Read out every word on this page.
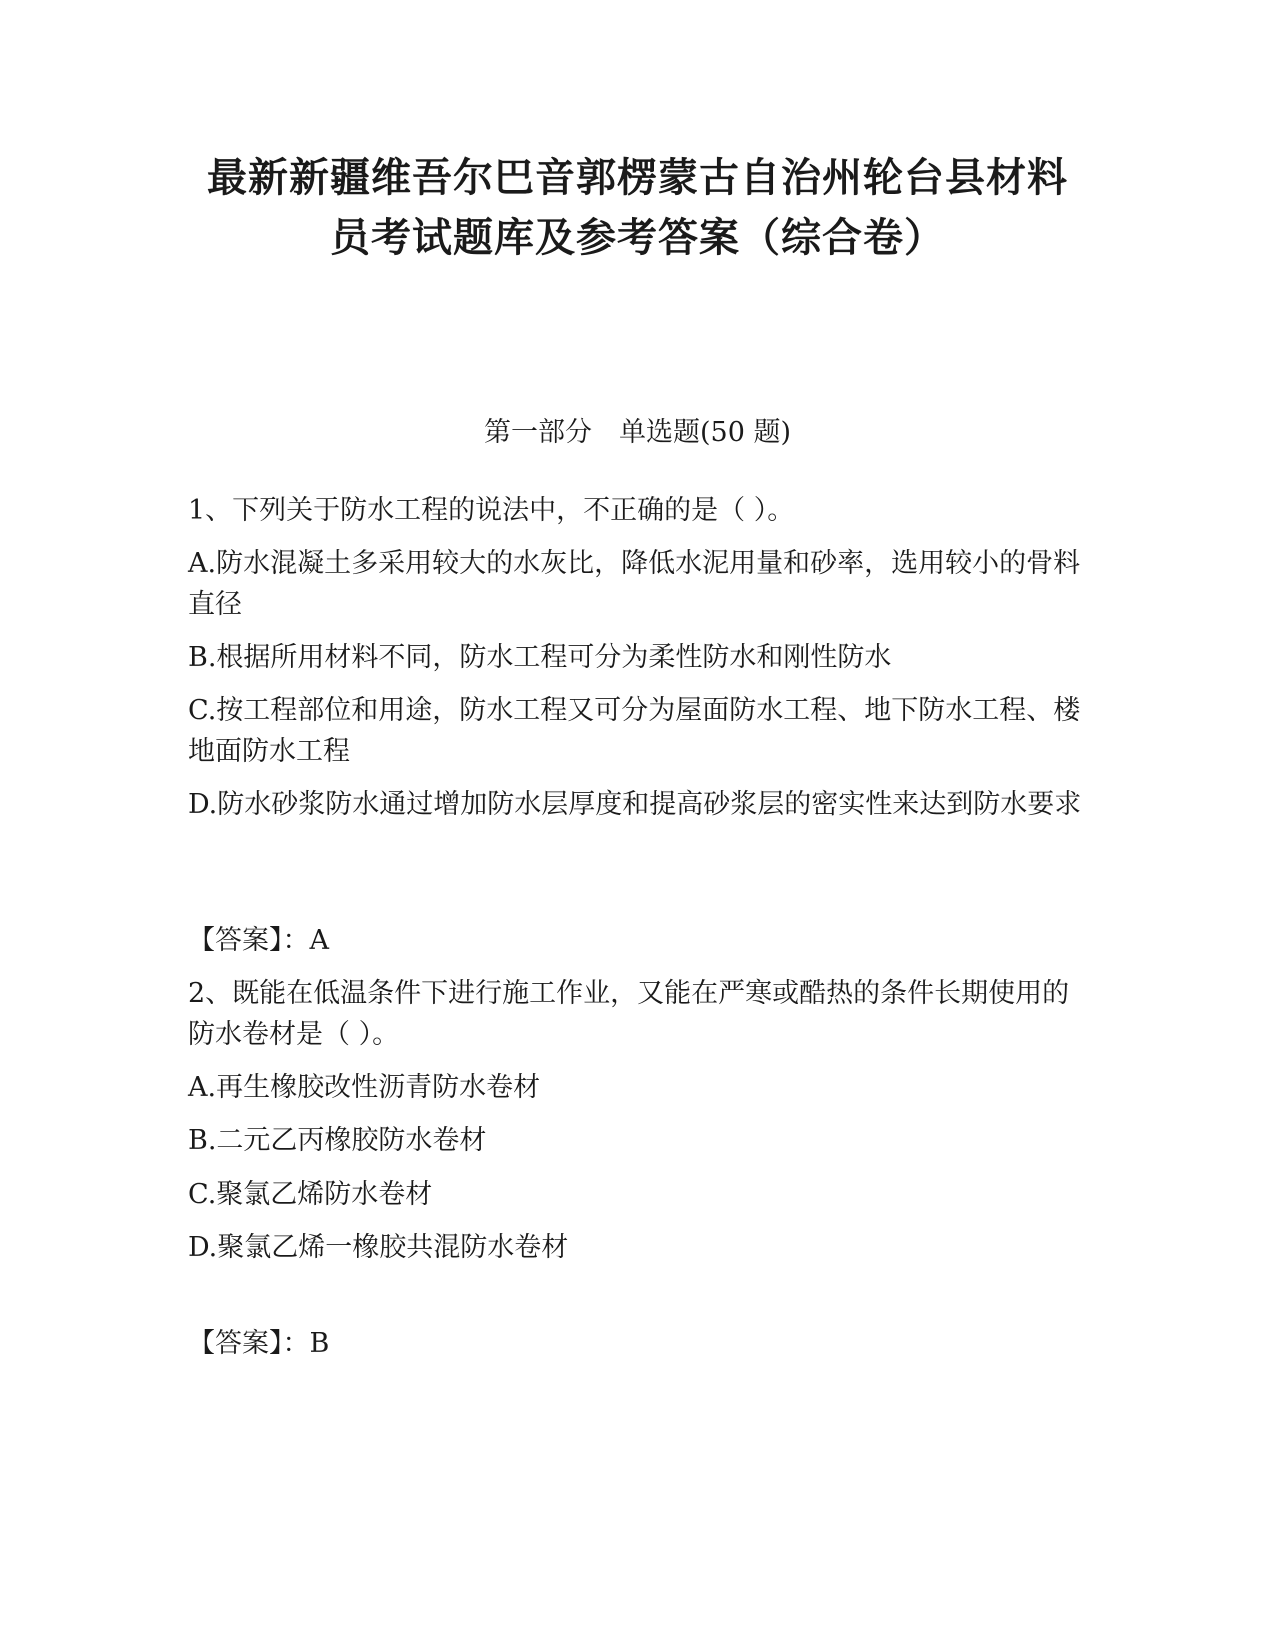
最新新疆维吾尔巴音郭楞蒙古自治州轮台县材料
员考试题库及参考答案（综合卷）
第一部分　单选题(50 题)
1、下列关于防水工程的说法中，不正确的是（ ）。
A.防水混凝土多采用较大的水灰比，降低水泥用量和砂率，选用较小的骨料直径
B.根据所用材料不同，防水工程可分为柔性防水和刚性防水
C.按工程部位和用途，防水工程又可分为屋面防水工程、地下防水工程、楼地面防水工程
D.防水砂浆防水通过增加防水层厚度和提高砂浆层的密实性来达到防水要求
【答案】：A
2、既能在低温条件下进行施工作业，又能在严寒或酷热的条件长期使用的防水卷材是（ ）。
A.再生橡胶改性沥青防水卷材
B.二元乙丙橡胶防水卷材
C.聚氯乙烯防水卷材
D.聚氯乙烯一橡胶共混防水卷材
【答案】：B
